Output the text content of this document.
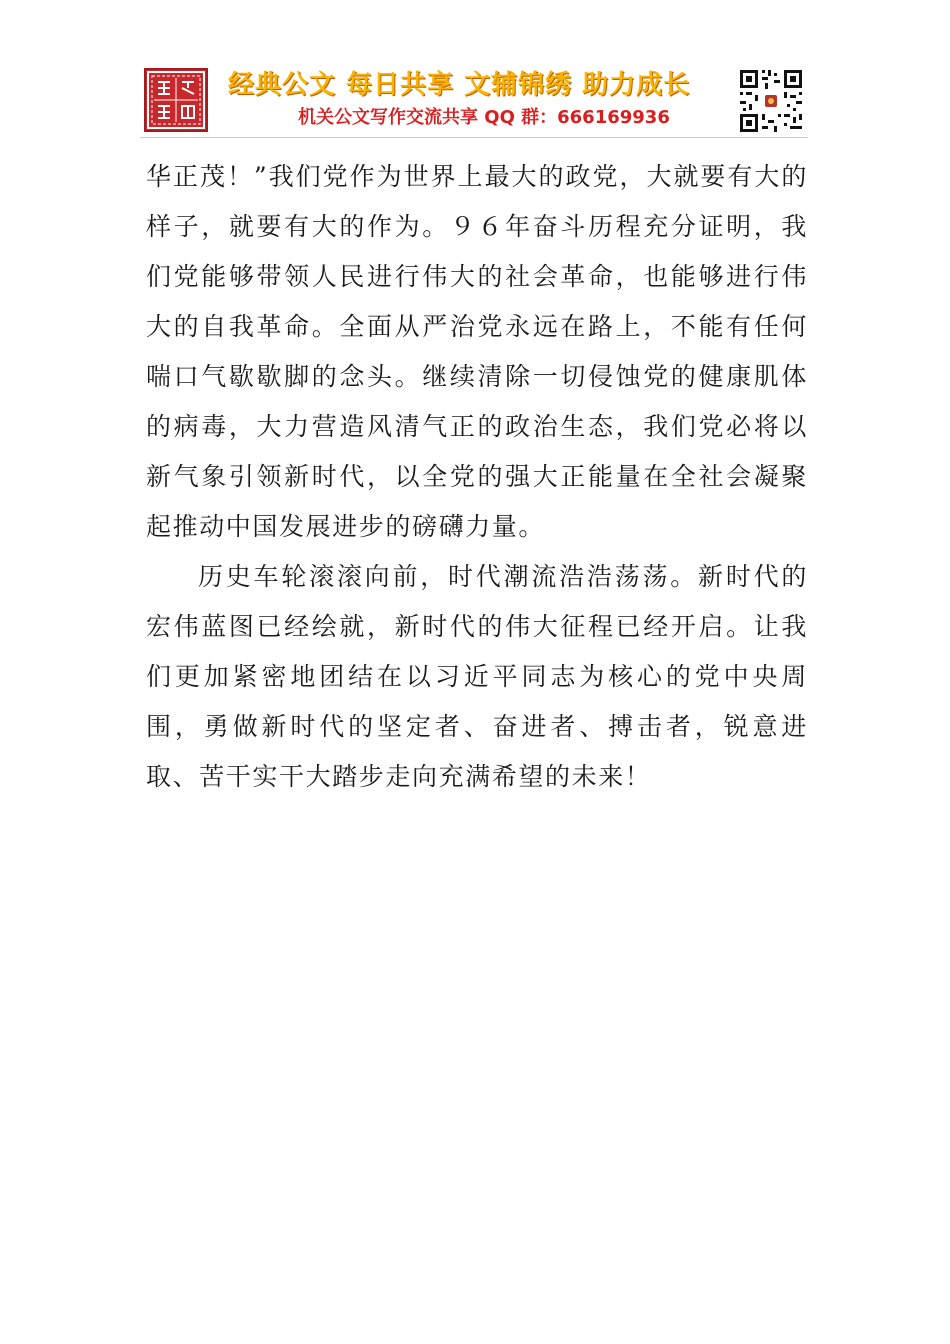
经典公文 每日共享 文辅锦绣 助力成长
机关公文写作交流共享 QQ 群：666169936

华正茂！”我们党作为世界上最大的政党，大就要有大的样子，就要有大的作为。９６年奋斗历程充分证明，我们党能够带领人民进行伟大的社会革命，也能够进行伟大的自我革命。全面从严治党永远在路上，不能有任何喘口气歇歇脚的念头。继续清除一切侵蚀党的健康肌体的病毒，大力营造风清气正的政治生态，我们党必将以新气象引领新时代，以全党的强大正能量在全社会凝聚起推动中国发展进步的磅礴力量。

历史车轮滚滚向前，时代潮流浩浩荡荡。新时代的宏伟蓝图已经绘就，新时代的伟大征程已经开启。让我们更加紧密地团结在以习近平同志为核心的党中央周围，勇做新时代的坚定者、奋进者、搏击者，锐意进取、苦干实干大踏步走向充满希望的未来！
